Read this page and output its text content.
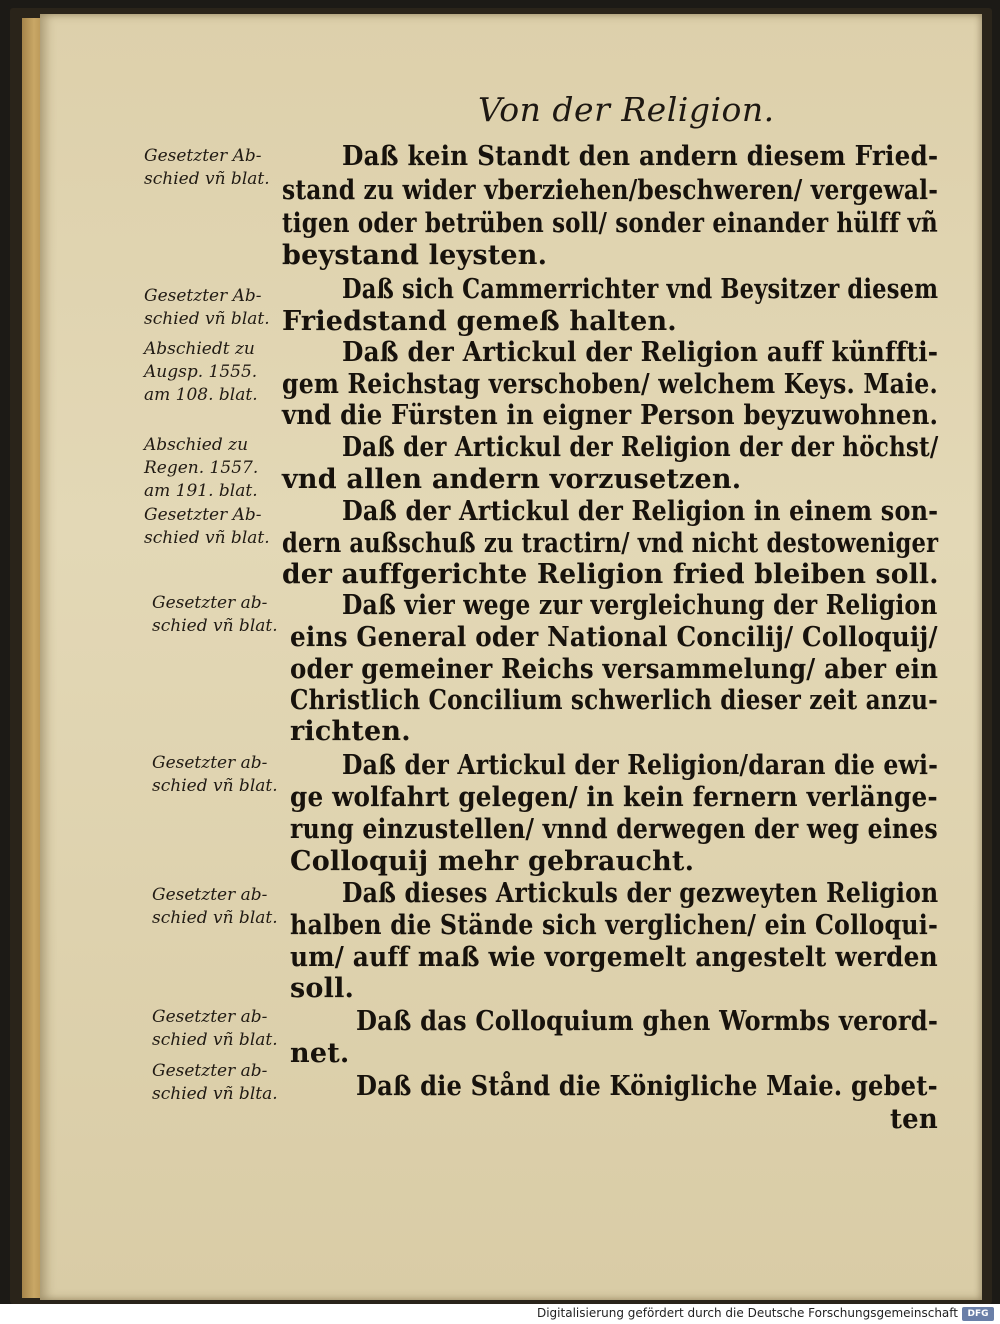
Von der Religion.
Gesetzter Ab-
schied vñ blat.
Gesetzter Ab-
schied vñ blat.
Abschiedt zu
Augsp. 1555.
am 108. blat.
Abschied zu
Regen. 1557.
am 191. blat.
Gesetzter Ab-
schied vñ blat.
Gesetzter ab-
schied vñ blat.
Gesetzter ab-
schied vñ blat.
Gesetzter ab-
schied vñ blat.
Gesetzter ab-
schied vñ blat.
Gesetzter ab-
schied vñ blta.
Daß kein Standt den andern diesem Fried-
stand zu wider vberziehen/beschweren/ vergewal-
tigen oder betrüben soll/ sonder einander hülff vñ
beystand leysten.
Daß sich Cammerrichter vnd Beysitzer diesem
Friedstand gemeß halten.
Daß der Artickul der Religion auff künffti-
gem Reichstag verschoben/ welchem Keys. Maie.
vnd die Fürsten in eigner Person beyzuwohnen.
Daß der Artickul der Religion der der höchst/
vnd allen andern vorzusetzen.
Daß der Artickul der Religion in einem son-
dern außschuß zu tractirn/ vnd nicht destoweniger
der auffgerichte Religion fried bleiben soll.
Daß vier wege zur vergleichung der Religion
eins General oder National Concilij/ Colloquij/
oder gemeiner Reichs versammelung/ aber ein
Christlich Concilium schwerlich dieser zeit anzu-
richten.
Daß der Artickul der Religion/daran die ewi-
ge wolfahrt gelegen/ in kein fernern verlänge-
rung einzustellen/ vnnd derwegen der weg eines
Colloquij mehr gebraucht.
Daß dieses Artickuls der gezweyten Religion
halben die Stände sich verglichen/ ein Colloqui-
um/ auff maß wie vorgemelt angestelt werden
soll.
Daß das Colloquium ghen Wormbs verord-
net.
Daß die Stånd die Königliche Maie. gebet-
ten
Digitalisierung gefördert durch die Deutsche Forschungsgemeinschaft	DFG
